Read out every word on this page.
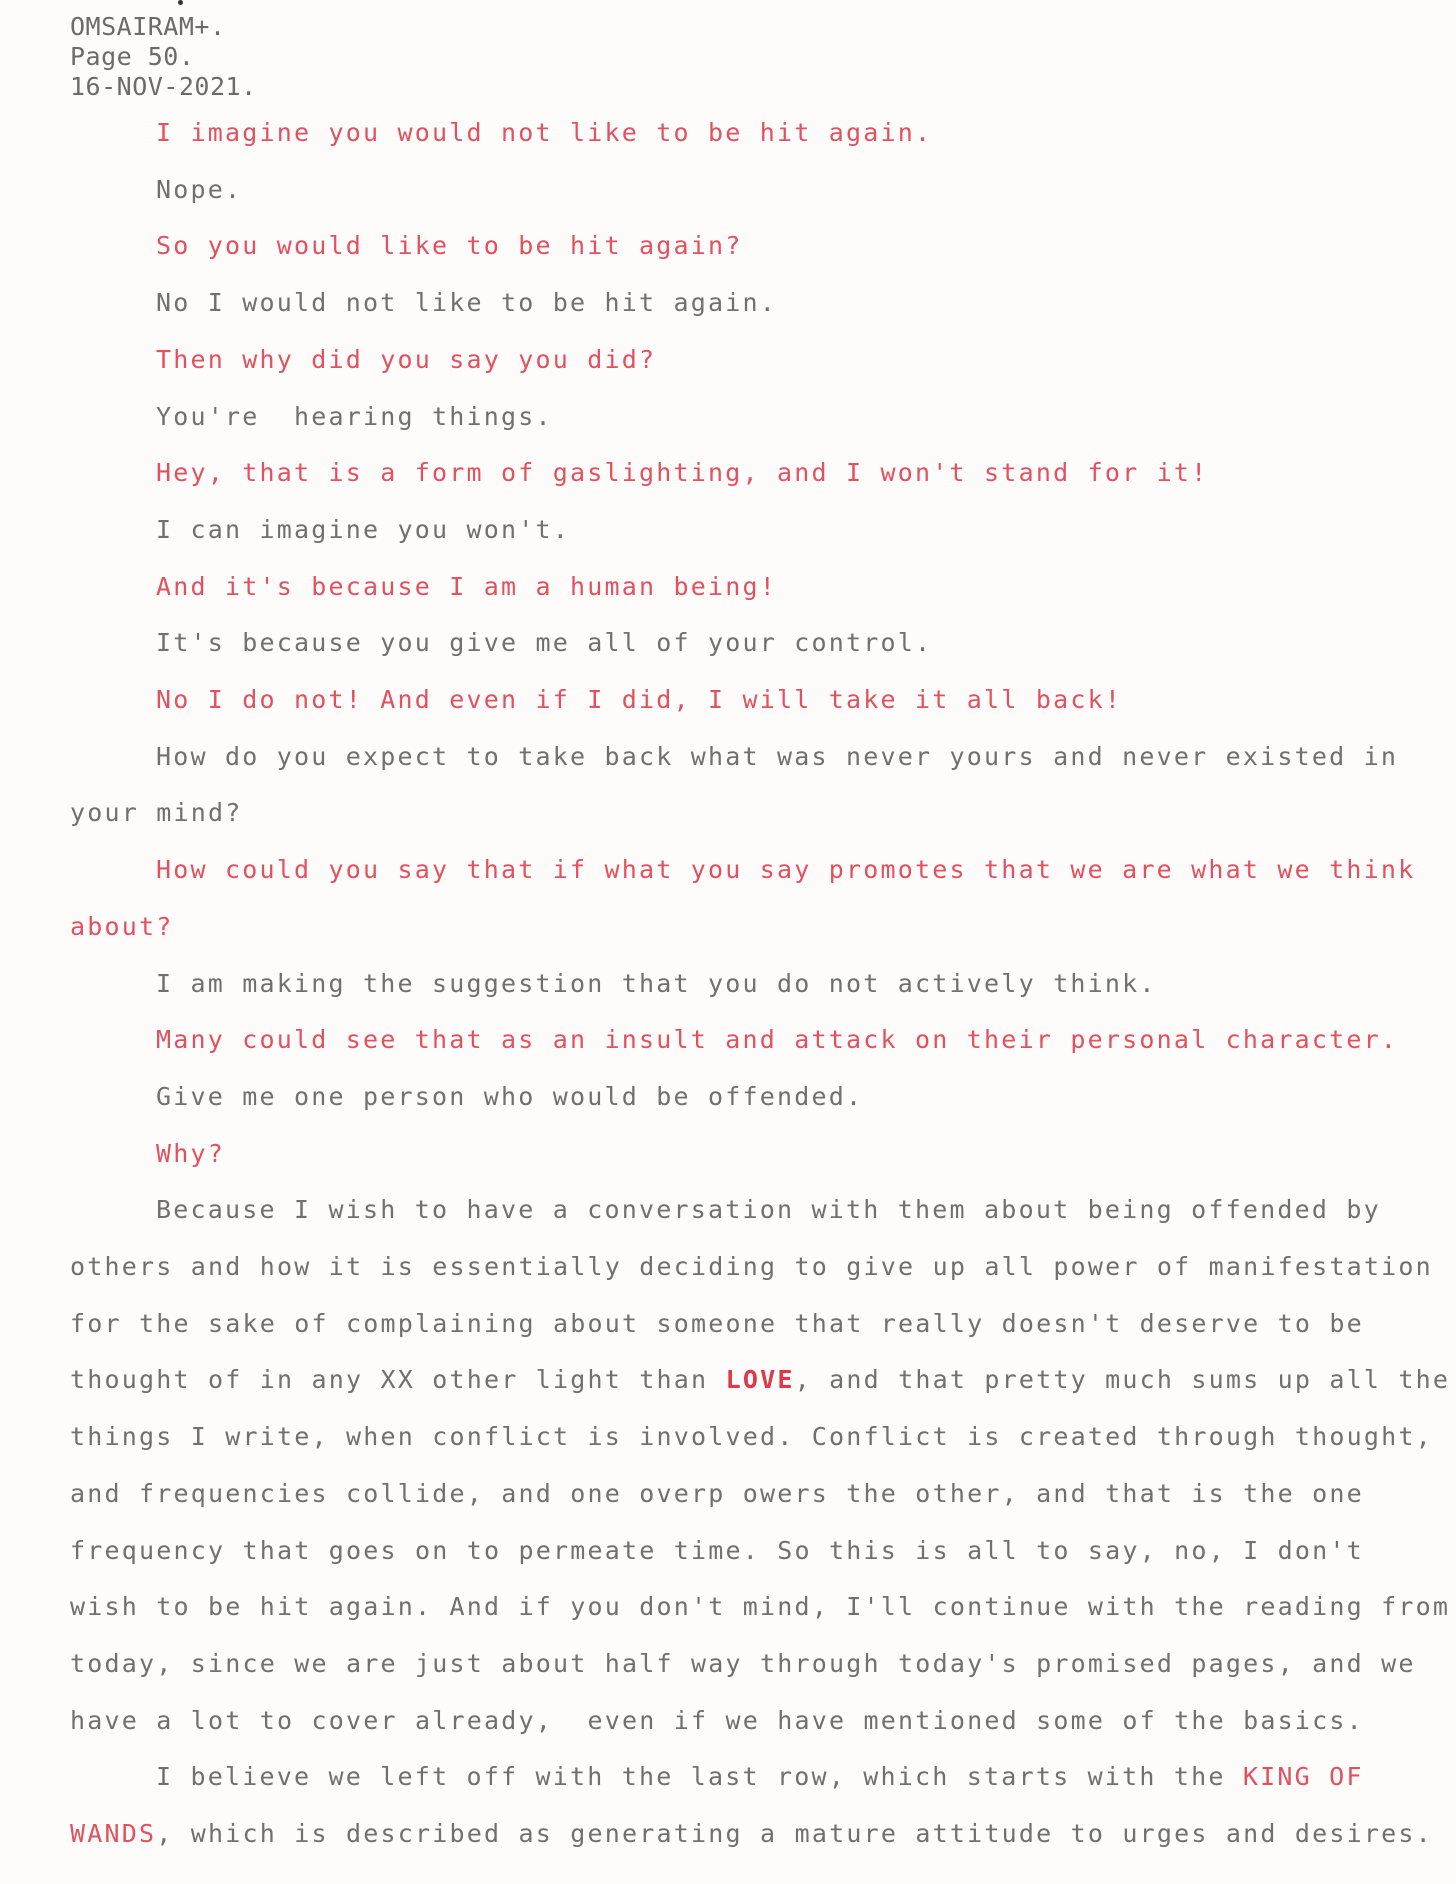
OMSAIRAM+.
Page 50.
16-NOV-2021.
I imagine you would not like to be hit again.
Nope.
So you would like to be hit again?
No I would not like to be hit again.
Then why did you say you did?
You're  hearing things.
Hey, that is a form of gaslighting, and I won't stand for it!
I can imagine you won't.
And it's because I am a human being!
It's because you give me all of your control.
No I do not! And even if I did, I will take it all back!
How do you expect to take back what was never yours and never existed in
your mind?
How could you say that if what you say promotes that we are what we think
about?
I am making the suggestion that you do not actively think.
Many could see that as an insult and attack on their personal character.
Give me one person who would be offended.
Why?
Because I wish to have a conversation with them about being offended by
others and how it is essentially deciding to give up all power of manifestation
for the sake of complaining about someone that really doesn't deserve to be
thought of in any XX other light than LOVE, and that pretty much sums up all the
things I write, when conflict is involved. Conflict is created through thought,
and frequencies collide, and one overp owers the other, and that is the one
frequency that goes on to permeate time. So this is all to say, no, I don't
wish to be hit again. And if you don't mind, I'll continue with the reading from
today, since we are just about half way through today's promised pages, and we
have a lot to cover already,  even if we have mentioned some of the basics.
I believe we left off with the last row, which starts with the KING OF
WANDS, which is described as generating a mature attitude to urges and desires.
